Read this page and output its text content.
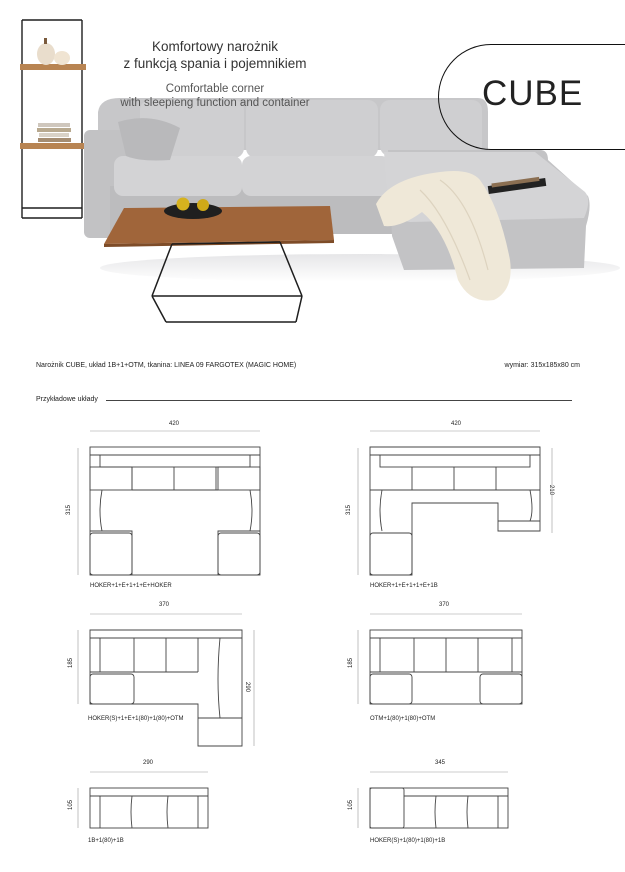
Komfortowy narożnik
z funkcją spania i pojemnikiem
Comfortable corner
with sleepieng function and container	CUBE
Narożnik CUBE, układ 1B+1+OTM, tkanina: LINEA 09 FARGOTEX (MAGIC HOME)	wymiar: 315x185x80 cm
Przykładowe układy
420
315
HOKER+1+E+1+1+E+HOKER
420
315
210
HOKER+1+E+1+1+E+1B
370
185
290
HOKER(S)+1+E+1(80)+1(80)+OTM
370
185
OTM+1(80)+1(80)+OTM
290
105
1B+1(80)+1B
345
105
HOKER(S)+1(80)+1(80)+1B
